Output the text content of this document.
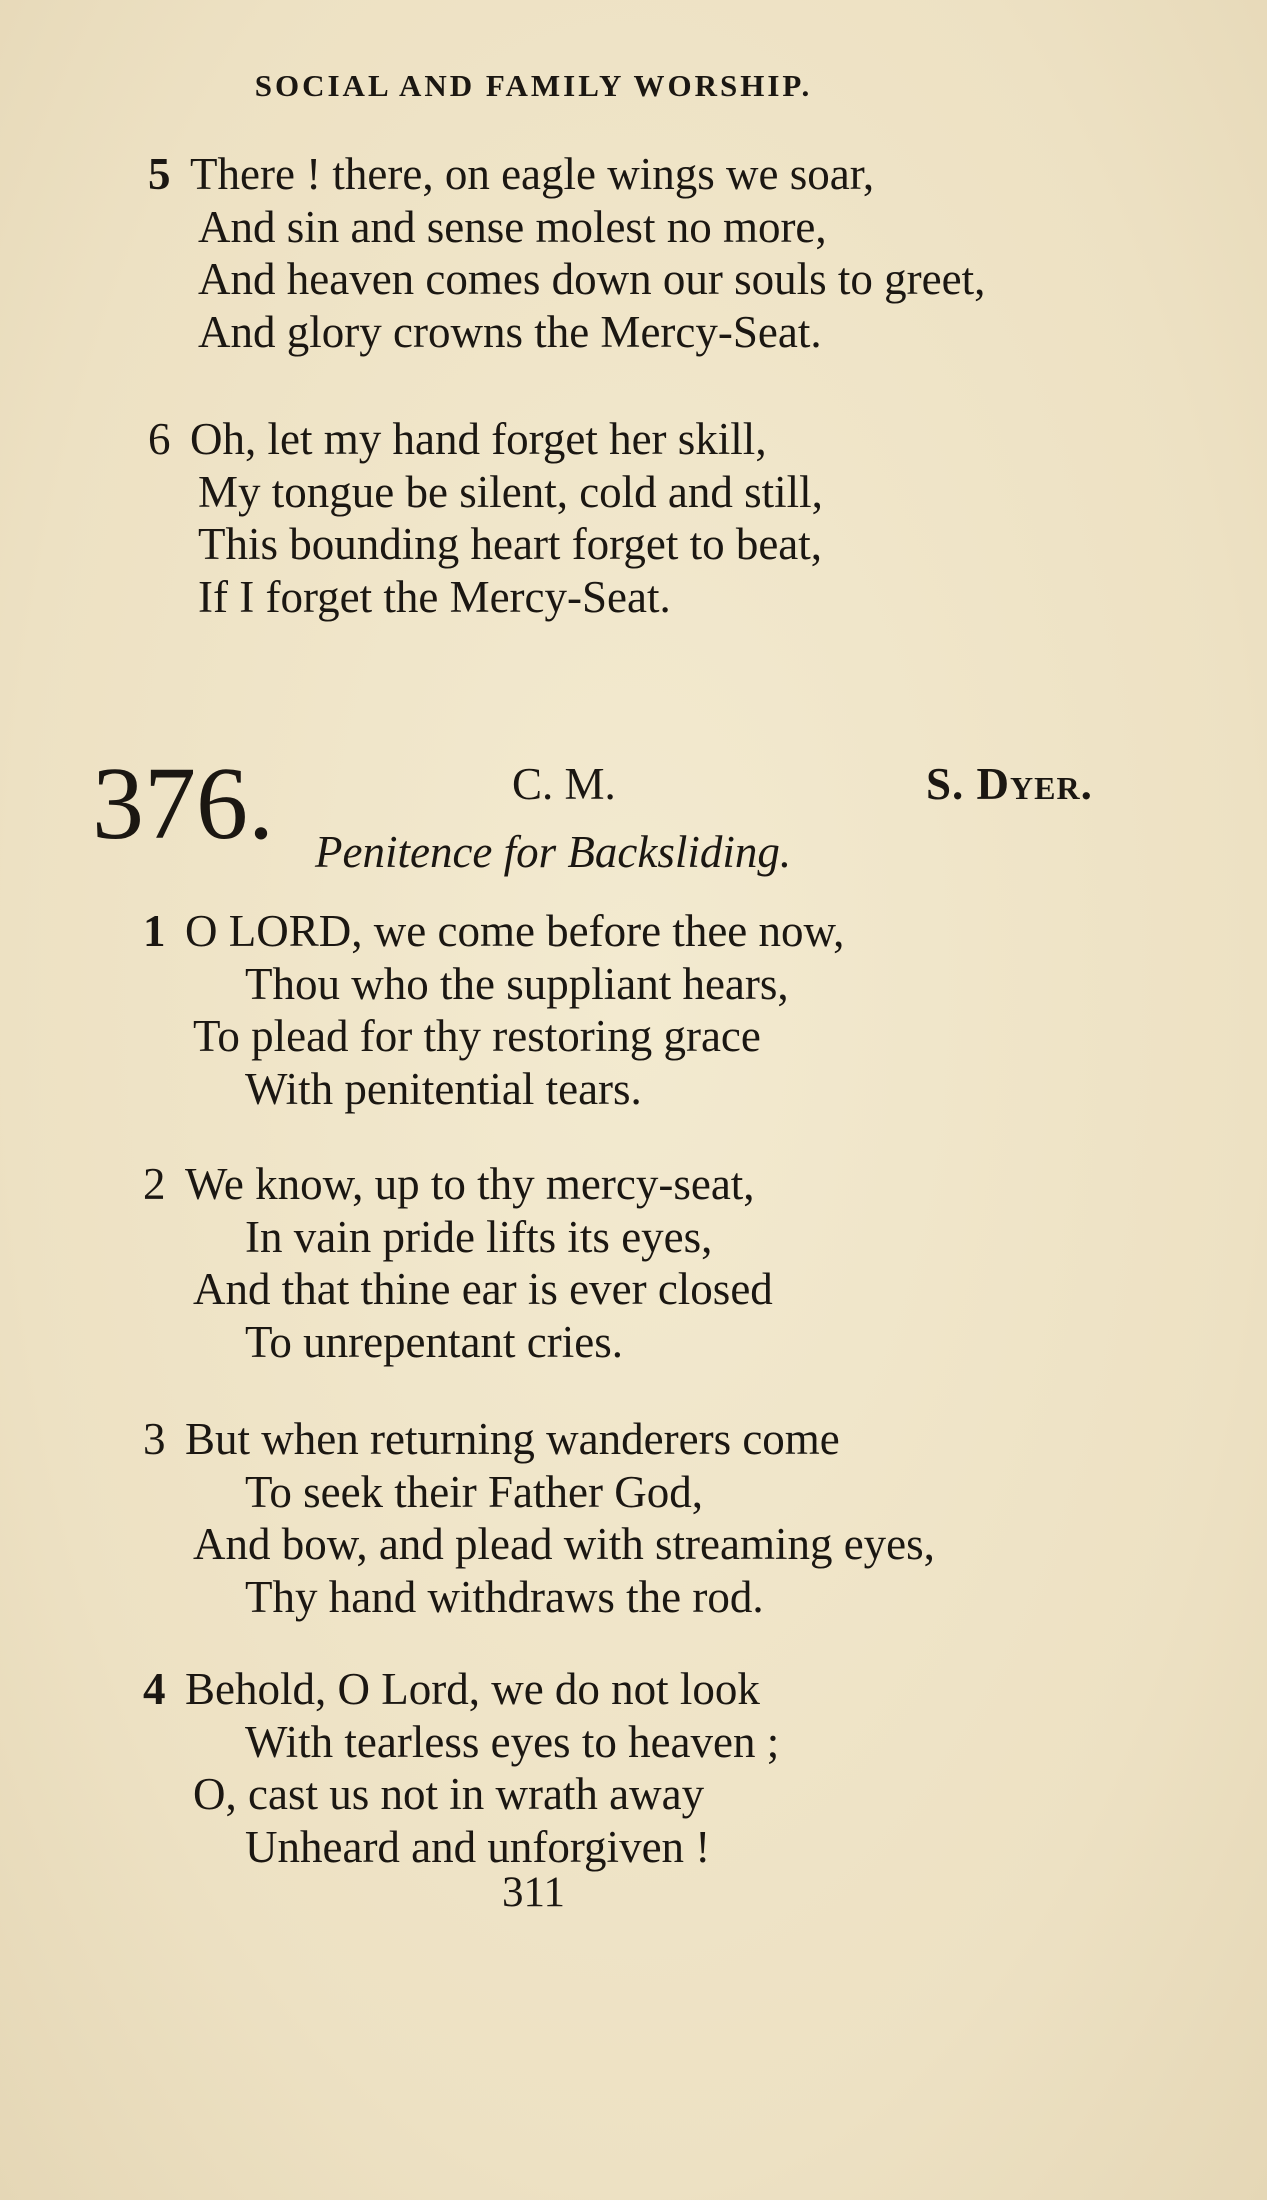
SOCIAL AND FAMILY WORSHIP.
5 There ! there, on eagle wings we soar,
And sin and sense molest no more,
And heaven comes down our souls to greet,
And glory crowns the Mercy-Seat.
6 Oh, let my hand forget her skill,
My tongue be silent, cold and still,
This bounding heart forget to beat,
If I forget the Mercy-Seat.
376.	C. M.	S. Dyer.
Penitence for Backsliding.
1 O LORD, we come before thee now,
Thou who the suppliant hears,
To plead for thy restoring grace
With penitential tears.
2 We know, up to thy mercy-seat,
In vain pride lifts its eyes,
And that thine ear is ever closed
To unrepentant cries.
3 But when returning wanderers come
To seek their Father God,
And bow, and plead with streaming eyes,
Thy hand withdraws the rod.
4 Behold, O Lord, we do not look
With tearless eyes to heaven ;
O, cast us not in wrath away
Unheard and unforgiven !
311
